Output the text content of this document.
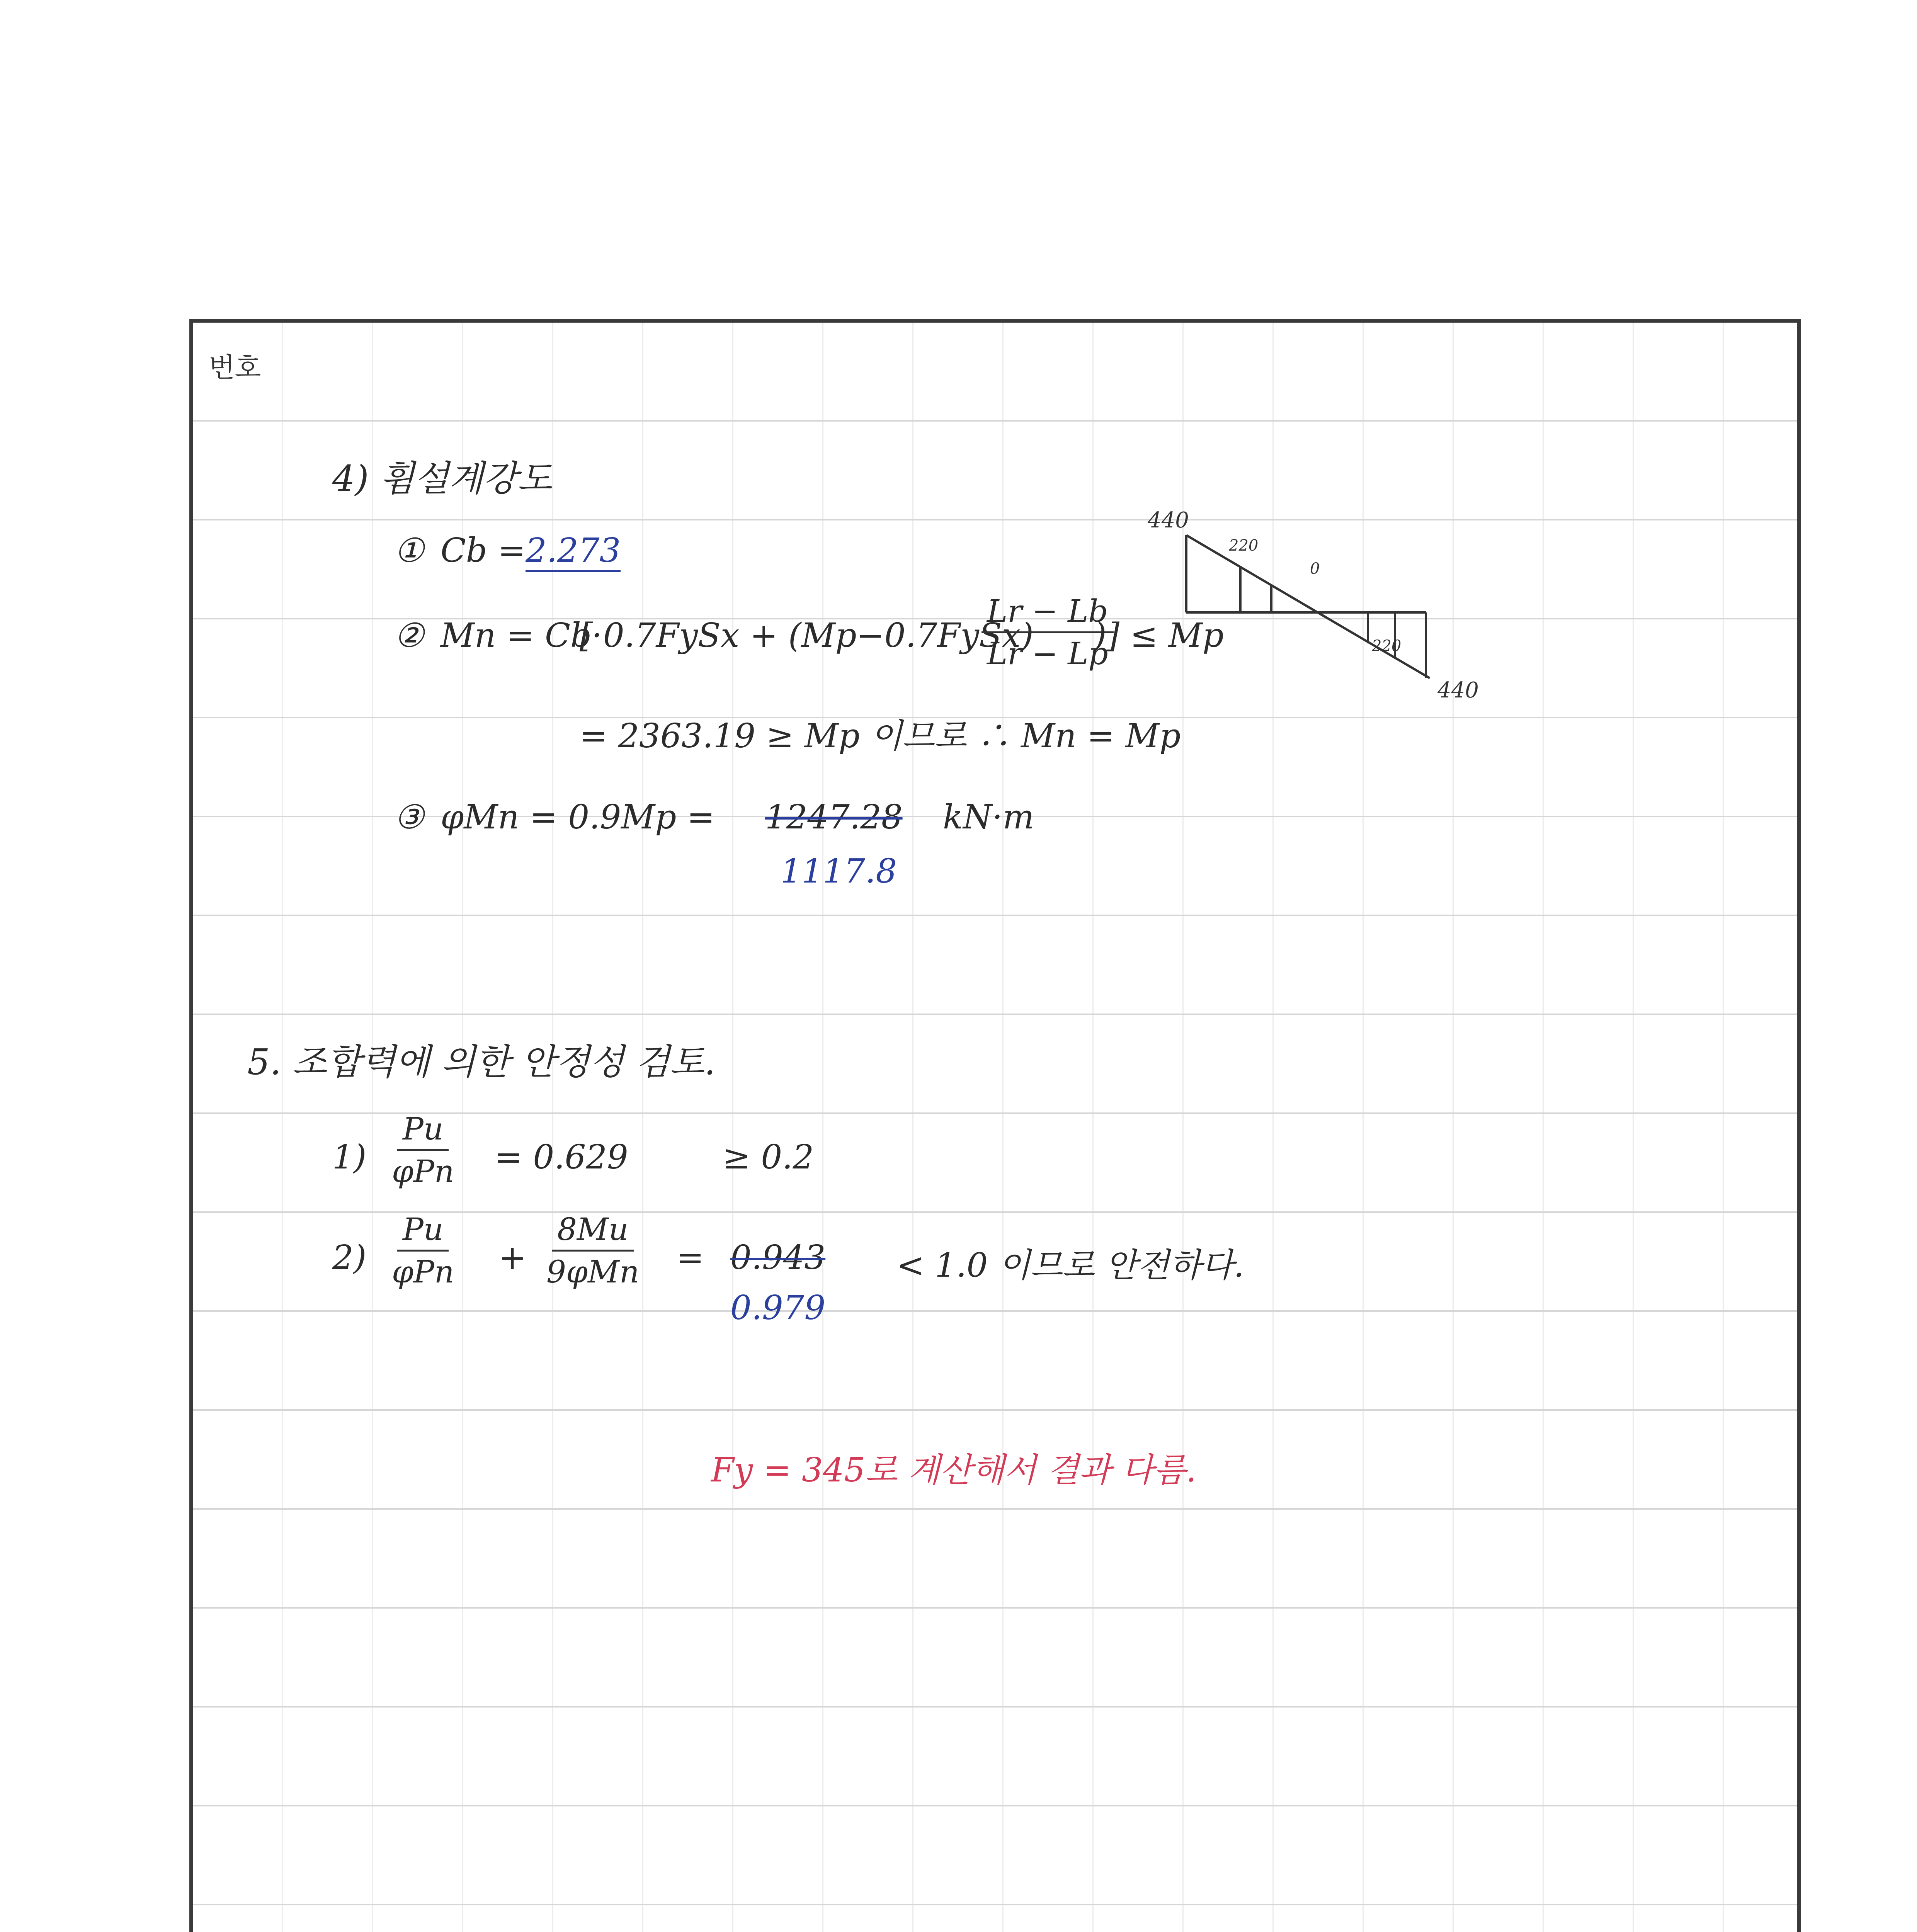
번호
4) 휨설계강도
① Cb = 2.273
② Mn = Cb·
[ 0.7FySx + (Mp−0.7FySx)
$\frac{Lr - Lb}{Lr - Lp}$
)] ≤ Mp
= 2363.19 ≥ Mp 이므로 ∴ Mn = Mp
③ φMn = 0.9Mp = 1247.28 kN·m
1117.8
440
220
0
220
440
5. 조합력에 의한 안정성 검토.
1)
Pu
φPn = 0.629	≥ 0.2
2)
Pu
φPn +
8Mu
9φMn = 0.943
0.979
< 1.0 이므로 안전하다.
Fy = 345로 계산해서 결과 다름.
